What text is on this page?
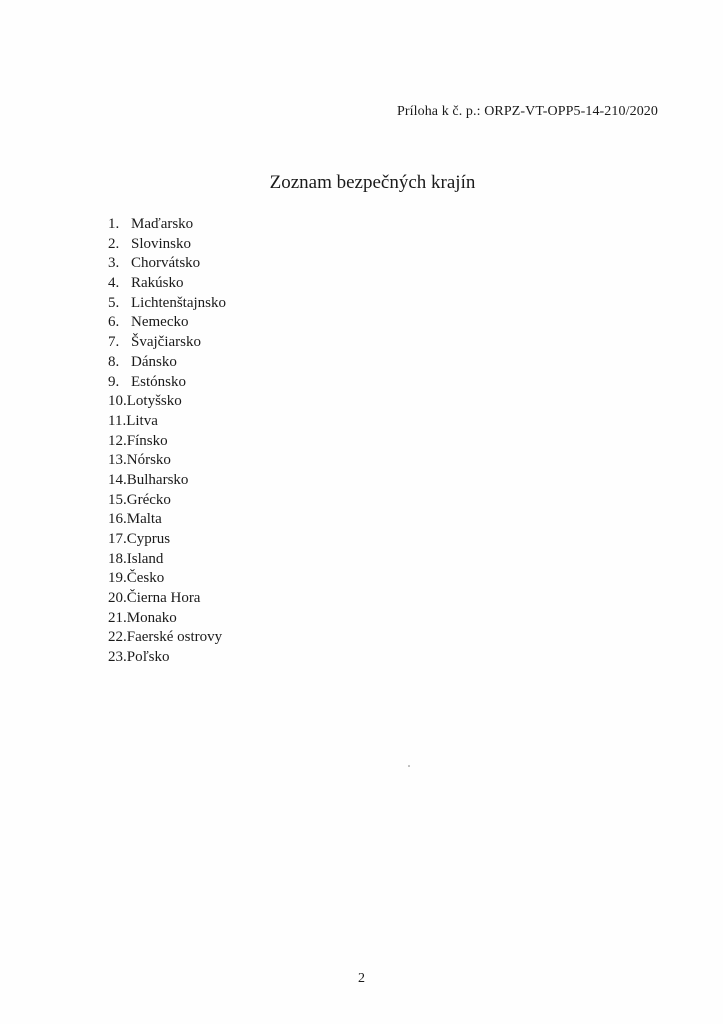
Príloha k č. p.: ORPZ-VT-OPP5-14-210/2020
Zoznam bezpečných krajín
1. Maďarsko
2. Slovinsko
3. Chorvátsko
4. Rakúsko
5. Lichtenštajnsko
6. Nemecko
7. Švajčiarsko
8. Dánsko
9. Estónsko
10. Lotyšsko
11. Litva
12. Fínsko
13. Nórsko
14. Bulharsko
15. Grécko
16. Malta
17. Cyprus
18. Island
19. Česko
20. Čierna Hora
21. Monako
22. Faerské ostrovy
23. Poľsko
2
